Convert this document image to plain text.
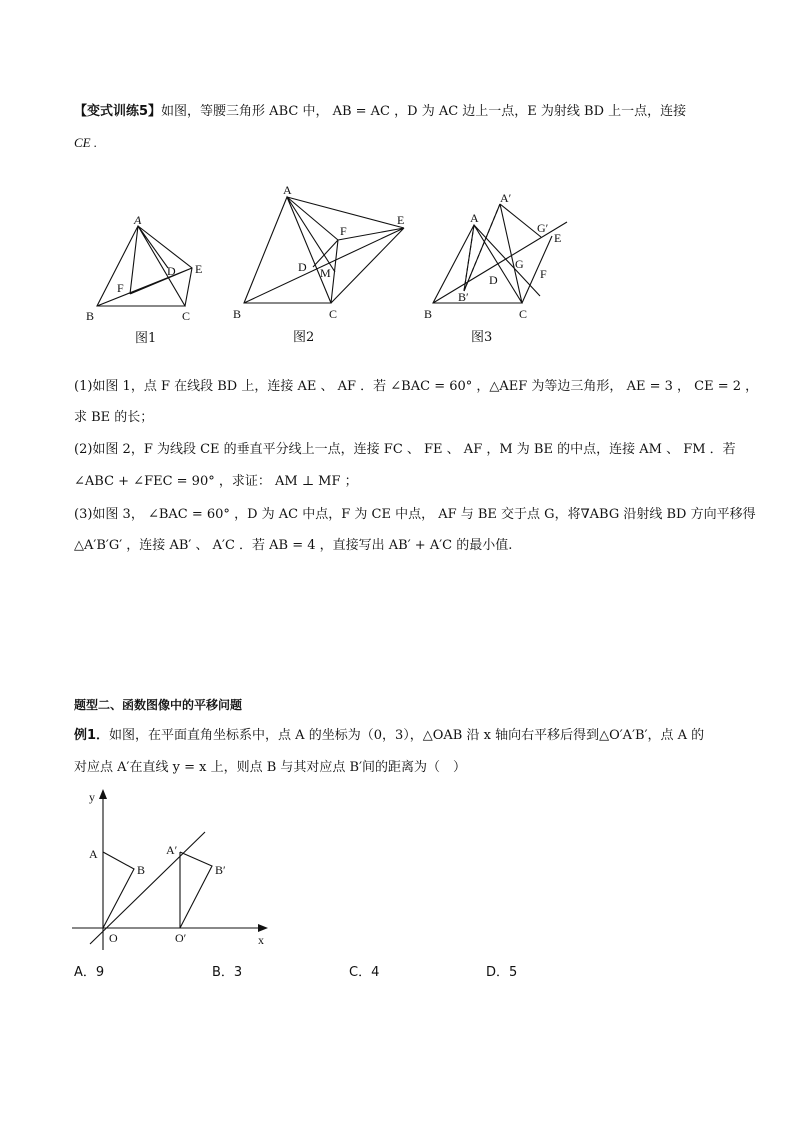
【变式训练5】如图，等腰三角形 ABC 中， AB = AC ，D 为 AC 边上一点，E 为射线 BD 上一点，连接
CE .
A
B	C
D E
F
A
B	C
D
E
F
M
A
A′
B
B′
C
D
E
F
G
G′
图1	图2	图3
(1)如图 1，点 F 在线段 BD 上，连接 AE 、 AF ．若 ∠BAC = 60° ，△AEF 为等边三角形， AE = 3 ， CE = 2 ，
求 BE 的长；
(2)如图 2，F 为线段 CE 的垂直平分线上一点，连接 FC 、 FE 、 AF ，M 为 BE 的中点，连接 AM 、 FM ．若
∠ABC + ∠FEC = 90° ，求证： AM ⊥ MF ；
(3)如图 3， ∠BAC = 60° ，D 为 AC 中点，F 为 CE 中点， AF 与 BE 交于点 G，将∇ABG 沿射线 BD 方向平移得
△A′B′G′ ，连接 AB′ 、 A′C ．若 AB = 4 ，直接写出 AB′ + A′C 的最小值.
题型二、函数图像中的平移问题
例1．如图，在平面直角坐标系中，点 A 的坐标为（0，3），△OAB 沿 x 轴向右平移后得到△O′A′B′，点 A 的
对应点 A′在直线 y = x 上，则点 B 与其对应点 B′间的距离为（　）
y
x
A
B
O
A′
B′
O′
A．9	B．3	C．4	D．5
